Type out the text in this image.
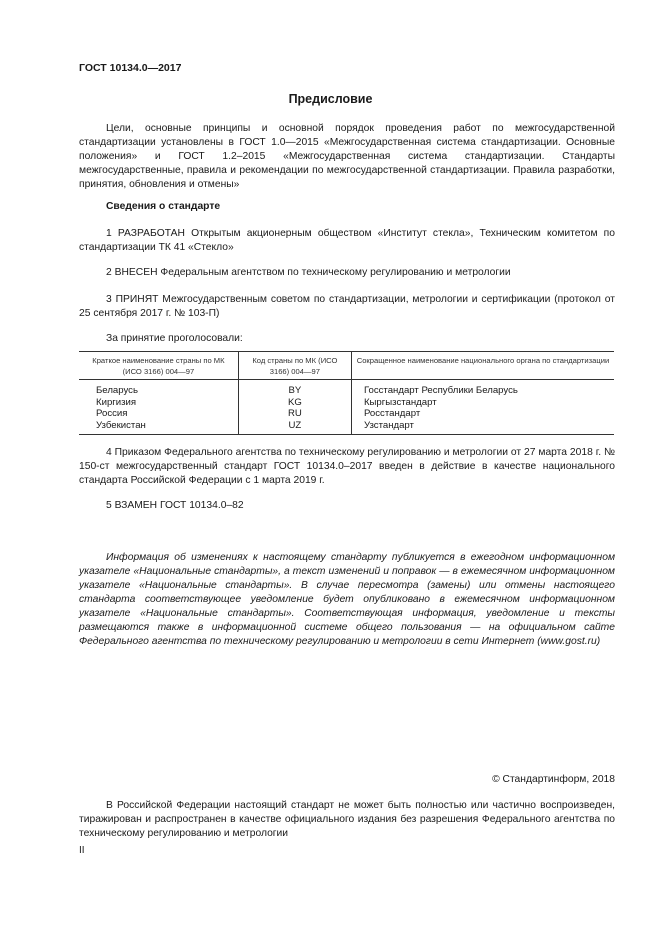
ГОСТ 10134.0—2017
Предисловие

Цели, основные принципы и основной порядок проведения работ по межгосударственной стандартизации установлены в ГОСТ 1.0—2015 «Межгосударственная система стандартизации. Основные положения» и ГОСТ 1.2–2015 «Межгосударственная система стандартизации. Стандарты межгосударственные, правила и рекомендации по межгосударственной стандартизации. Правила разработки, принятия, обновления и отмены»

Сведения о стандарте

1 РАЗРАБОТАН Открытым акционерным обществом «Институт стекла», Техническим комитетом по стандартизации ТК 41 «Стекло»

2 ВНЕСЕН Федеральным агентством по техническому регулированию и метрологии

3 ПРИНЯТ Межгосударственным советом по стандартизации, метрологии и сертификации (протокол от 25 сентября 2017 г. № 103-П)

За принятие проголосовали:

Краткое наименование страны по МК (ИСО 3166) 004—97	Код страны по МК (ИСО 3166) 004—97	Сокращенное наименование национального органа по стандартизации
Беларусь	BY	Госстандарт Республики Беларусь
Киргизия	KG	Кыргызстандарт
Россия	RU	Росстандарт
Узбекистан	UZ	Узстандарт

4 Приказом Федерального агентства по техническому регулированию и метрологии от 27 марта 2018 г. № 150-ст межгосударственный стандарт ГОСТ 10134.0–2017 введен в действие в качестве национального стандарта Российской Федерации с 1 марта 2019 г.

5 ВЗАМЕН ГОСТ 10134.0–82

Информация об изменениях к настоящему стандарту публикуется в ежегодном информационном указателе «Национальные стандарты», а текст изменений и поправок — в ежемесячном информационном указателе «Национальные стандарты». В случае пересмотра (замены) или отмены настоящего стандарта соответствующее уведомление будет опубликовано в ежемесячном информационном указателе «Национальные стандарты». Соответствующая информация, уведомление и тексты размещаются также в информационной системе общего пользования — на официальном сайте Федерального агентства по техническому регулированию и метрологии в сети Интернет (www.gost.ru)

© Стандартинформ, 2018

В Российской Федерации настоящий стандарт не может быть полностью или частично воспроизведен, тиражирован и распространен в качестве официального издания без разрешения Федерального агентства по техническому регулированию и метрологии

II
